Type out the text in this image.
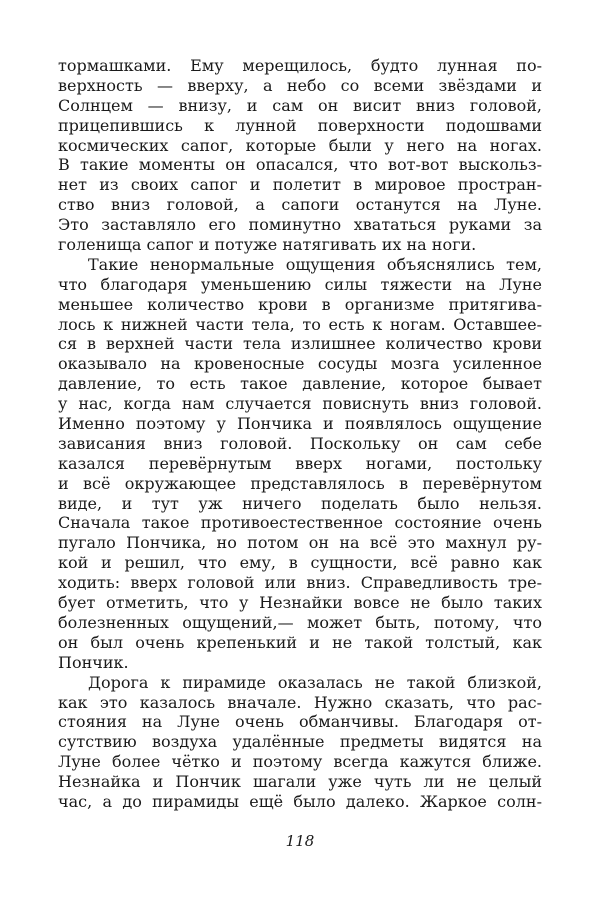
тормашками. Ему мерещилось, будто лунная по-
верхность — вверху, а небо со всеми звёздами и
Солнцем — внизу, и сам он висит вниз головой,
прицепившись к лунной поверхности подошвами
космических сапог, которые были у него на ногах.
В такие моменты он опасался, что вот-вот выскольз-
нет из своих сапог и полетит в мировое простран-
ство вниз головой, а сапоги останутся на Луне.
Это заставляло его поминутно хвататься руками за
голенища сапог и потуже натягивать их на ноги.
Такие ненормальные ощущения объяснялись тем,
что благодаря уменьшению силы тяжести на Луне
меньшее количество крови в организме притягива-
лось к нижней части тела, то есть к ногам. Оставшее-
ся в верхней части тела излишнее количество крови
оказывало на кровеносные сосуды мозга усиленное
давление, то есть такое давление, которое бывает
у нас, когда нам случается повиснуть вниз головой.
Именно поэтому у Пончика и появлялось ощущение
зависания вниз головой. Поскольку он сам себе
казался перевёрнутым вверх ногами, постольку
и всё окружающее представлялось в перевёрнутом
виде, и тут уж ничего поделать было нельзя.
Сначала такое противоестественное состояние очень
пугало Пончика, но потом он на всё это махнул ру-
кой и решил, что ему, в сущности, всё равно как
ходить: вверх головой или вниз. Справедливость тре-
бует отметить, что у Незнайки вовсе не было таких
болезненных ощущений,— может быть, потому, что
он был очень крепенький и не такой толстый, как
Пончик.
Дорога к пирамиде оказалась не такой близкой,
как это казалось вначале. Нужно сказать, что рас-
стояния на Луне очень обманчивы. Благодаря от-
сутствию воздуха удалённые предметы видятся на
Луне более чётко и поэтому всегда кажутся ближе.
Незнайка и Пончик шагали уже чуть ли не целый
час, а до пирамиды ещё было далеко. Жаркое солн-
118
